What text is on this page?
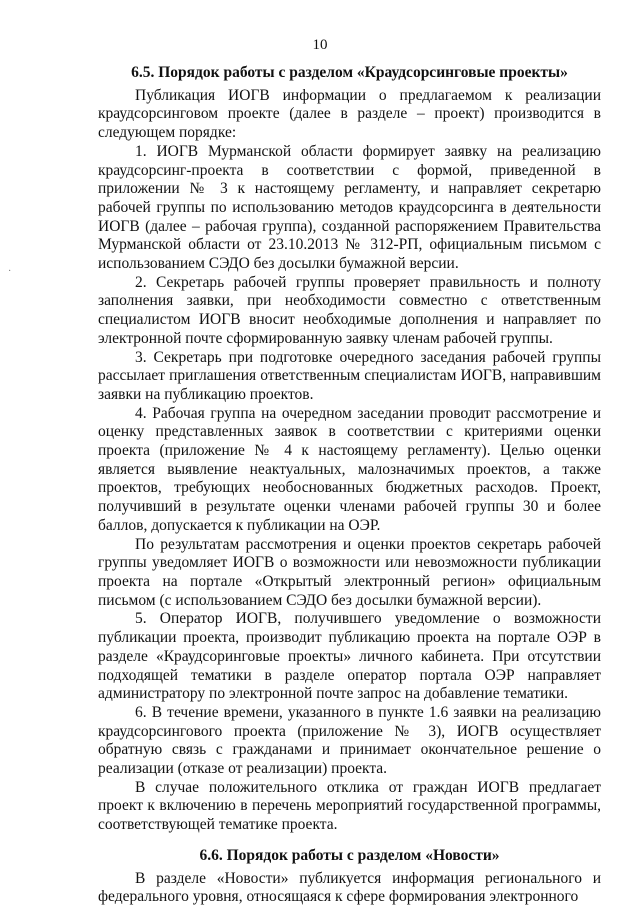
10
·

6.5. Порядок работы с разделом «Краудсорсинговые проекты»

Публикация ИОГВ информации о предлагаемом к реализации краудсорсинговом проекте (далее в разделе – проект) производится в следующем порядке:

1. ИОГВ Мурманской области формирует заявку на реализацию краудсорсинг-проекта в соответствии с формой, приведенной в приложении № 3 к настоящему регламенту, и направляет секретарю рабочей группы по использованию методов краудсорсинга в деятельности ИОГВ (далее – рабочая группа), созданной распоряжением Правительства Мурманской области от 23.10.2013 № 312-РП, официальным письмом с использованием СЭДО без досылки бумажной версии.

2. Секретарь рабочей группы проверяет правильность и полноту заполнения заявки, при необходимости совместно с ответственным специалистом ИОГВ вносит необходимые дополнения и направляет по электронной почте сформированную заявку членам рабочей группы.

3. Секретарь при подготовке очередного заседания рабочей группы рассылает приглашения ответственным специалистам ИОГВ, направившим заявки на публикацию проектов.

4. Рабочая группа на очередном заседании проводит рассмотрение и оценку представленных заявок в соответствии с критериями оценки проекта (приложение № 4 к настоящему регламенту). Целью оценки является выявление неактуальных, малозначимых проектов, а также проектов, требующих необоснованных бюджетных расходов. Проект, получивший в результате оценки членами рабочей группы 30 и более баллов, допускается к публикации на ОЭР.

По результатам рассмотрения и оценки проектов секретарь рабочей группы уведомляет ИОГВ о возможности или невозможности публикации проекта на портале «Открытый электронный регион» официальным письмом (с использованием СЭДО без досылки бумажной версии).

5. Оператор ИОГВ, получившего уведомление о возможности публикации проекта, производит публикацию проекта на портале ОЭР в разделе «Краудсоринговые проекты» личного кабинета. При отсутствии подходящей тематики в разделе оператор портала ОЭР направляет администратору по электронной почте запрос на добавление тематики.

6. В течение времени, указанного в пункте 1.6 заявки на реализацию краудсорсингового проекта (приложение № 3), ИОГВ осуществляет обратную связь с гражданами и принимает окончательное решение о реализации (отказе от реализации) проекта.

В случае положительного отклика от граждан ИОГВ предлагает проект к включению в перечень мероприятий государственной программы, соответствующей тематике проекта.

6.6. Порядок работы с разделом «Новости»

В разделе «Новости» публикуется информация регионального и федерального уровня, относящаяся к сфере формирования электронного
